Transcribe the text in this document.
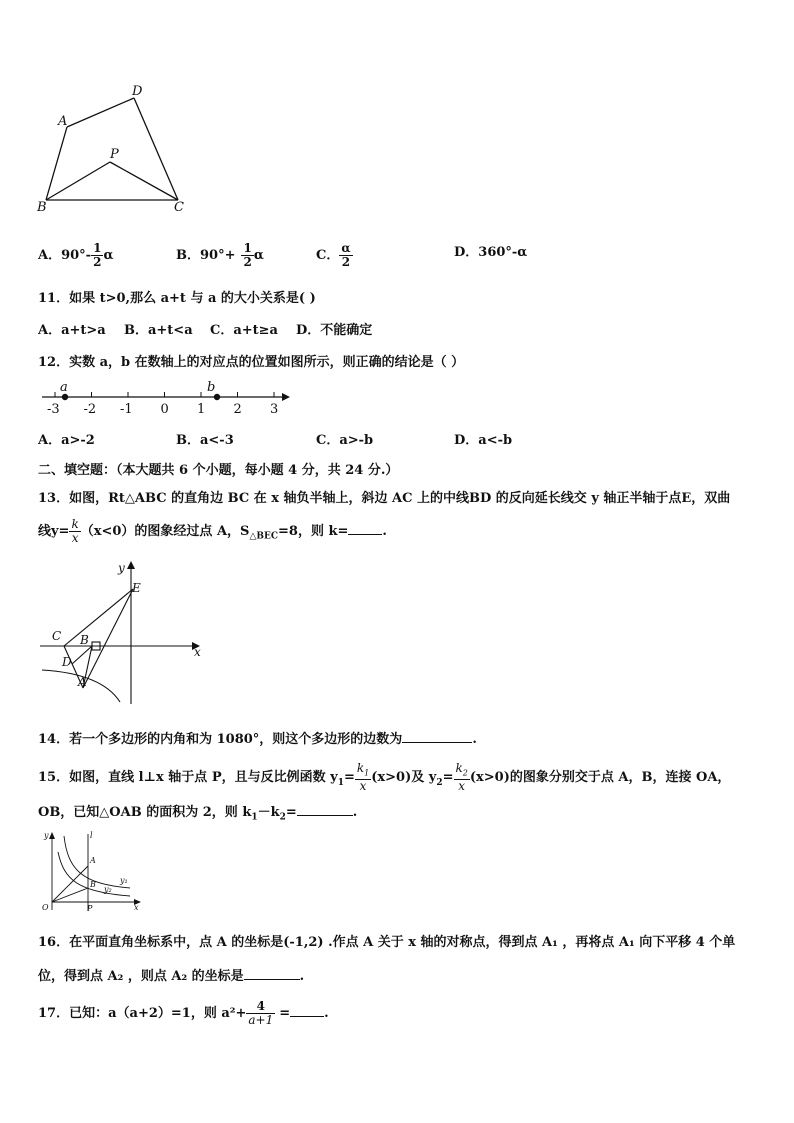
A
D
P
B	C
A．$90^\circ- \frac{1}{2}$ α	B．$90^\circ+ \frac{1}{2}$ α	C． $\frac{\alpha}{2}$	D．360°-α
11．如果 t>0,那么 a+t 与 a 的大小关系是( )
A．a+t>a B．a+t<a C．a+t≥a D．不能确定
12．实数 a，b 在数轴上的对应点的位置如图所示，则正确的结论是（ ）
-3 -2 -1 0 1 2 3
a	b
A．a>-2	B．a<-3	C．a>-b	D．a<-b
二、填空题：（本大题共 6 个小题，每小题 4 分，共 24 分.）
13．如图，Rt△ABC 的直角边 BC 在 x 轴负半轴上，斜边 AC 上的中线BD 的反向延长线交 y 轴正半轴于点E，双曲
线$y= \frac{k}{x} (x<0)$的图象经过点 A，$S_{\triangle BEC}=8$，则 k=	.
y
x
E
C B
D
A
14．若一个多边形的内角和为 1080°，则这个多边形的边数为	.
15．如图，直线 l⊥x 轴于点 P，且与反比例函数 $y_1= \frac{k_1}{x} (x>0)$及 $y_2= \frac{k_2}{x} (x>0)$的图象分别交于点 A，B，连接 OA，
OB，已知△OAB 的面积为 2，则 $k_1-k_2=$	.
y	l
A
B	y₁
y₂
O	P	x
16．在平面直角坐标系中，点 A 的坐标是(-1,2) .作点 A 关于 x 轴的对称点，得到点 A₁ ，再将点 A₁ 向下平移 4 个单
位，得到点 A₂ ，则点 A₂ 的坐标是	.
17．已知：a（a+2）=1，则 $a^2+ \frac{4}{a+1}$ =	.
